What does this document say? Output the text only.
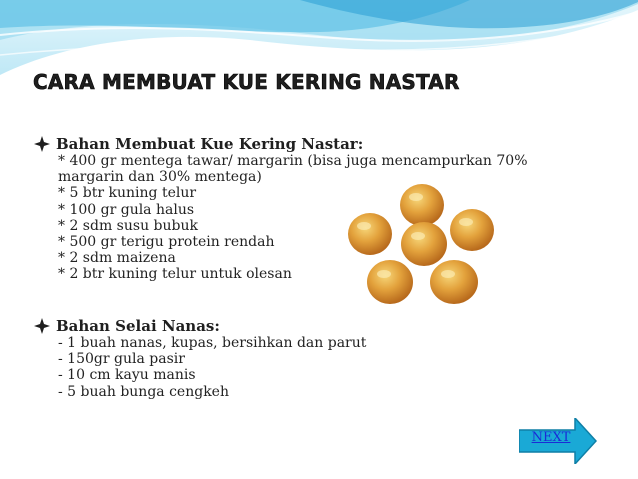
CARA MEMBUAT KUE KERING NASTAR
Bahan Membuat Kue Kering Nastar:
* 400 gr mentega tawar/ margarin (bisa juga mencampurkan 70%
margarin dan 30% mentega)
* 5 btr kuning telur
* 100 gr gula halus
* 2 sdm susu bubuk
* 500 gr terigu protein rendah
* 2 sdm maizena
* 2 btr kuning telur untuk olesan
Bahan Selai Nanas:
- 1 buah nanas, kupas, bersihkan dan parut
- 150gr gula pasir
- 10 cm kayu manis
- 5 buah bunga cengkeh
NEXT
